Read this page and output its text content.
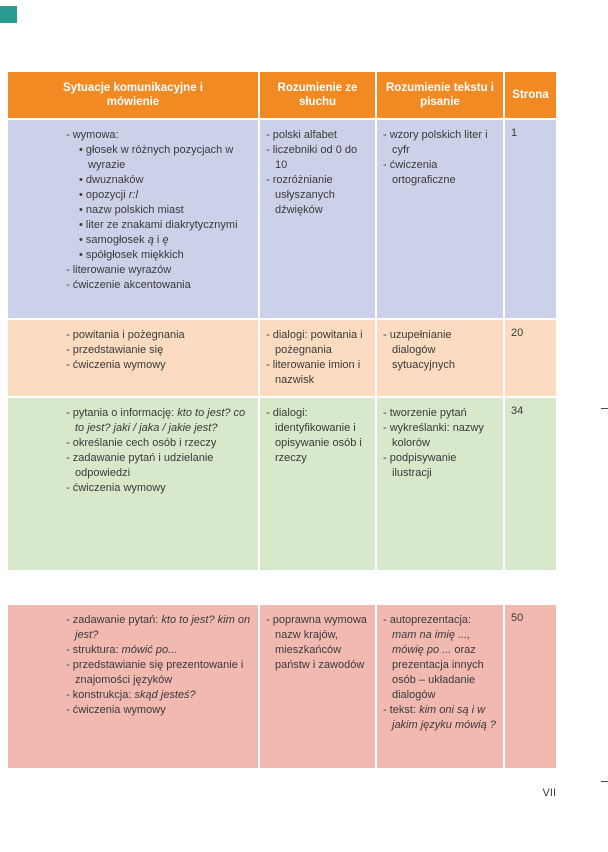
Sytuacje komunikacyjne i mówienie
Rozumienie ze słuchu
Rozumienie tekstu i pisanie
Strona
- wymowa:
• głosek w różnych pozycjach w wyrazie
• dwuznaków
• opozycji r:l
• nazw polskich miast
• liter ze znakami diakrytycznymi
• samogłosek ą i ę
• spółgłosek miękkich
- literowanie wyrazów
- ćwiczenie akcentowania
- polski alfabet
- liczebniki od 0 do 10
- rozróżnianie usłyszanych dźwięków
- wzory polskich liter i cyfr
- ćwiczenia ortograficzne
1
- powitania i pożegnania
- przedstawianie się
- ćwiczenia wymowy
- dialogi: powitania i pożegnania
- literowanie imion i nazwisk
- uzupełnianie dialogów sytuacyjnych
20
- pytania o informację: kto to jest? co to jest? jaki / jaka / jakie jest?
- określanie cech osób i rzeczy
- zadawanie pytań i udzielanie odpowiedzi
- ćwiczenia wymowy
- dialogi: identyfikowanie i opisywanie osób i rzeczy
- tworzenie pytań
- wykreślanki: nazwy kolorów
- podpisywanie ilustracji
34
- zadawanie pytań: kto to jest? kim on jest?
- struktura: mówić po...
- przedstawianie się prezentowanie i znajomości języków
- konstrukcja: skąd jesteś?
- ćwiczenia wymowy
- poprawna wymowa nazw krajów, mieszkańców państw i zawodów
- autoprezentacja: mam na imię ..., mówię po ... oraz prezentacja innych osób – układanie dialogów
- tekst: kim oni są i w jakim języku mówią ?
50
VII
